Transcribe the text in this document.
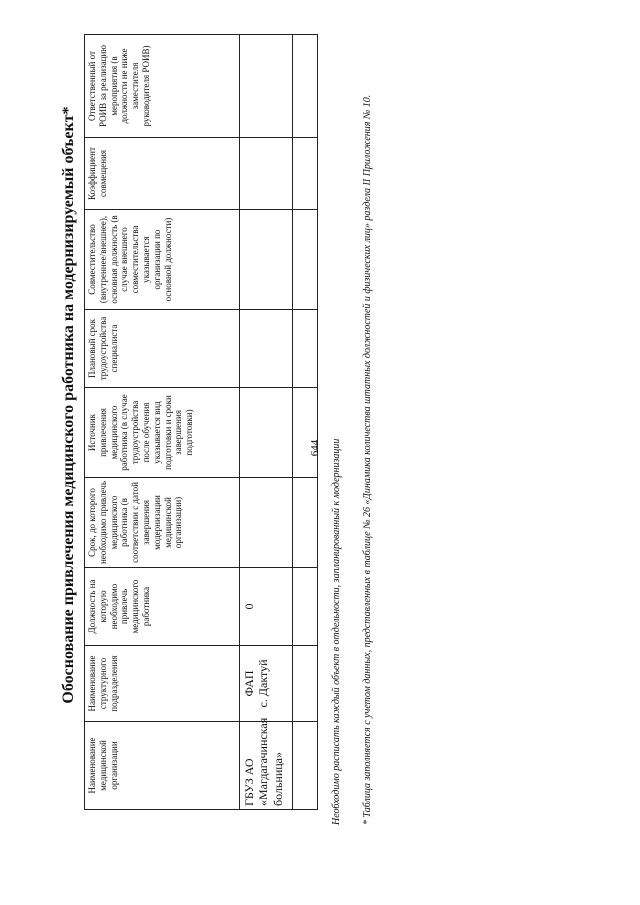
644
Обоснование привлечения медицинского работника на модернизируемый объект*
Наименование медицинской организации	Наименование структурного подразделения	Должность на которую необходимо привлечь медицинского работника	Срок, до которого необходимо привлечь медицинского работника (в соответствии с датой завершения модернизации медицинской организации)	Источник привлечения медицинского работника (в случае трудоустройства после обучения указывается вид подготовки и сроки завершения подготовки)	Плановый срок трудоустройства специалиста	Совместительство (внутреннее/внешнее), основная должность (в случае внешнего совместительства указывается организации по основной должности)	Коэффициент совмещения	Ответственный от РОИВ за реализацию мероприятия (в должности не ниже заместителя руководителя РОИВ)
ГБУЗ АО «Магдагачинская больница»	ФАП с. Дактуй	0						
									Необходимо расписать каждый объект в отдельности, запланированный к модернизации * Таблица заполняется с учетом данных, представленных в таблице № 26 «Динамика количества штатных должностей и физических лиц» раздела II Приложения № 10.
